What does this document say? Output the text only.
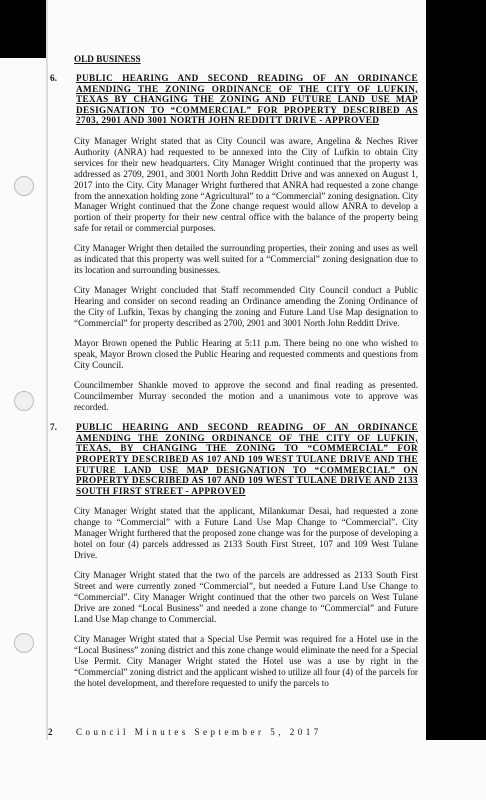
OLD BUSINESS
6.	PUBLIC HEARING AND SECOND READING OF AN ORDINANCE AMENDING THE ZONING ORDINANCE OF THE CITY OF LUFKIN, TEXAS BY CHANGING THE ZONING AND FUTURE LAND USE MAP DESIGNATION TO “COMMERCIAL” FOR PROPERTY DESCRIBED AS 2703, 2901 AND 3001 NORTH JOHN REDDITT DRIVE - APPROVED

City Manager Wright stated that as City Council was aware, Angelina & Neches River Authority (ANRA) had requested to be annexed into the City of Lufkin to obtain City services for their new headquarters. City Manager Wright continued that the property was addressed as 2709, 2901, and 3001 North John Redditt Drive and was annexed on August 1, 2017 into the City. City Manager Wright furthered that ANRA had requested a zone change from the annexation holding zone “Agricultural” to a “Commercial” zoning designation. City Manager Wright continued that the Zone change request would allow ANRA to develop a portion of their property for their new central office with the balance of the property being safe for retail or commercial purposes.

City Manager Wright then detailed the surrounding properties, their zoning and uses as well as indicated that this property was well suited for a “Commercial” zoning designation due to its location and surrounding businesses.

City Manager Wright concluded that Staff recommended City Council conduct a Public Hearing and consider on second reading an Ordinance amending the Zoning Ordinance of the City of Lufkin, Texas by changing the zoning and Future Land Use Map designation to “Commercial” for property described as 2700, 2901 and 3001 North John Redditt Drive.

Mayor Brown opened the Public Hearing at 5:11 p.m. There being no one who wished to speak, Mayor Brown closed the Public Hearing and requested comments and questions from City Council.

Councilmember Shankle moved to approve the second and final reading as presented. Councilmember Murray seconded the motion and a unanimous vote to approve was recorded.

7.	PUBLIC HEARING AND SECOND READING OF AN ORDINANCE AMENDING THE ZONING ORDINANCE OF THE CITY OF LUFKIN, TEXAS, BY CHANGING THE ZONING TO “COMMERCIAL” FOR PROPERTY DESCRIBED AS 107 AND 109 WEST TULANE DRIVE AND THE FUTURE LAND USE MAP DESIGNATION TO “COMMERCIAL” ON PROPERTY DESCRIBED AS 107 AND 109 WEST TULANE DRIVE AND 2133 SOUTH FIRST STREET - APPROVED

City Manager Wright stated that the applicant, Milankumar Desai, had requested a zone change to “Commercial” with a Future Land Use Map Change to “Commercial”. City Manager Wright furthered that the proposed zone change was for the purpose of developing a hotel on four (4) parcels addressed as 2133 South First Street, 107 and 109 West Tulane Drive.

City Manager Wright stated that the two of the parcels are addressed as 2133 South First Street and were currently zoned “Commercial”, but needed a Future Land Use Change to “Commercial”. City Manager Wright continued that the other two parcels on West Tulane Drive are zoned “Local Business” and needed a zone change to “Commercial” and Future Land Use Map change to Commercial.

City Manager Wright stated that a Special Use Permit was required for a Hotel use in the “Local Business” zoning district and this zone change would eliminate the need for a Special Use Permit. City Manager Wright stated the Hotel use was a use by right in the “Commercial” zoning district and the applicant wished to utilize all four (4) of the parcels for the hotel development, and therefore requested to unify the parcels to

2	Council Minutes September 5, 2017
